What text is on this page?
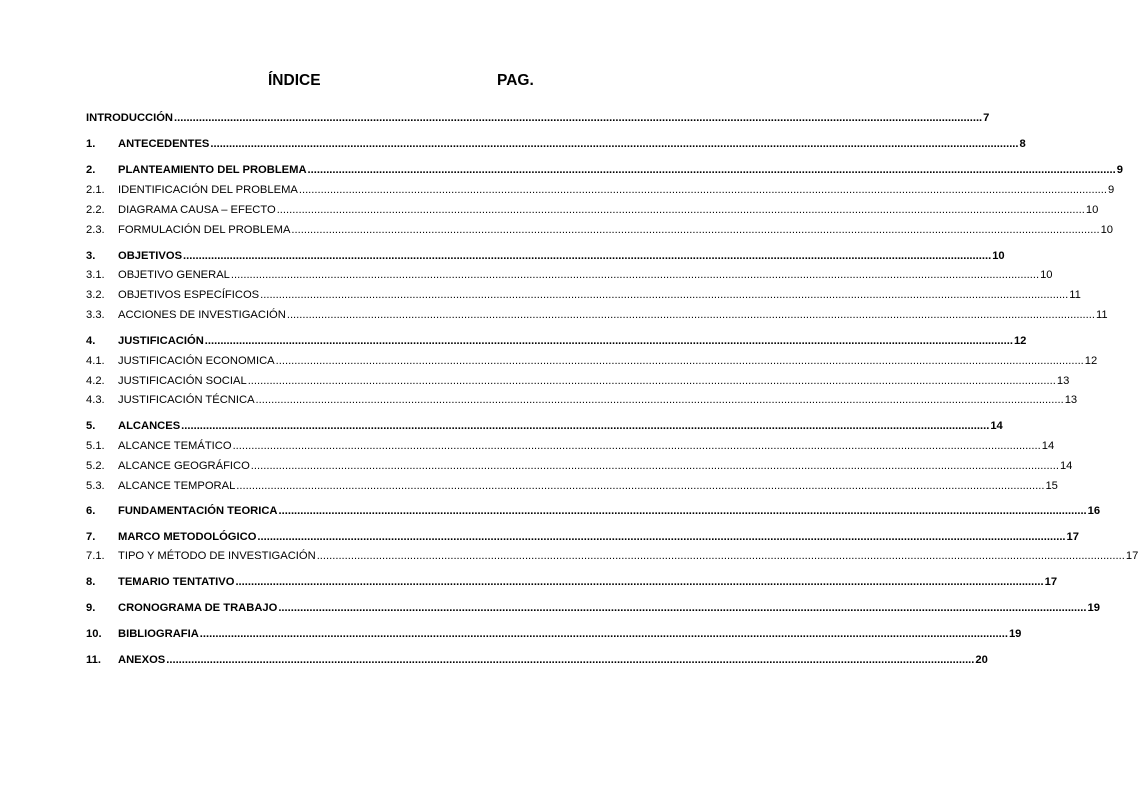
ÍNDICE	PAG.
INTRODUCCIÓN .................................................................................................................................................................................................................................................................... 7
1.	ANTECEDENTES .................................................................................................................................................................................................................................................................... 8
2.	PLANTEAMIENTO DEL PROBLEMA .................................................................................................................................................................................................................................................................... 9
2.1.	IDENTIFICACIÓN DEL PROBLEMA .................................................................................................................................................................................................................................................................... 9
2.2.	DIAGRAMA CAUSA – EFECTO .................................................................................................................................................................................................................................................................... 10
2.3.	FORMULACIÓN DEL PROBLEMA .................................................................................................................................................................................................................................................................... 10
3.	OBJETIVOS .................................................................................................................................................................................................................................................................... 10
3.1.	OBJETIVO GENERAL .................................................................................................................................................................................................................................................................... 10
3.2.	OBJETIVOS ESPECÍFICOS .................................................................................................................................................................................................................................................................... 11
3.3.	ACCIONES DE INVESTIGACIÓN .................................................................................................................................................................................................................................................................... 11
4.	JUSTIFICACIÓN .................................................................................................................................................................................................................................................................... 12
4.1.	JUSTIFICACIÓN ECONOMICA .................................................................................................................................................................................................................................................................... 12
4.2.	JUSTIFICACIÓN SOCIAL .................................................................................................................................................................................................................................................................... 13
4.3.	JUSTIFICACIÓN TÉCNICA .................................................................................................................................................................................................................................................................... 13
5.	ALCANCES .................................................................................................................................................................................................................................................................... 14
5.1.	ALCANCE TEMÁTICO .................................................................................................................................................................................................................................................................... 14
5.2.	ALCANCE GEOGRÁFICO .................................................................................................................................................................................................................................................................... 14
5.3.	ALCANCE TEMPORAL .................................................................................................................................................................................................................................................................... 15
6.	FUNDAMENTACIÓN TEORICA .................................................................................................................................................................................................................................................................... 16
7.	MARCO METODOLÓGICO .................................................................................................................................................................................................................................................................... 17
7.1.	TIPO Y MÉTODO DE INVESTIGACIÓN .................................................................................................................................................................................................................................................................... 17
8.	TEMARIO TENTATIVO .................................................................................................................................................................................................................................................................... 17
9.	CRONOGRAMA DE TRABAJO .................................................................................................................................................................................................................................................................... 19
10.	BIBLIOGRAFIA .................................................................................................................................................................................................................................................................... 19
11.	ANEXOS .................................................................................................................................................................................................................................................................... 20
